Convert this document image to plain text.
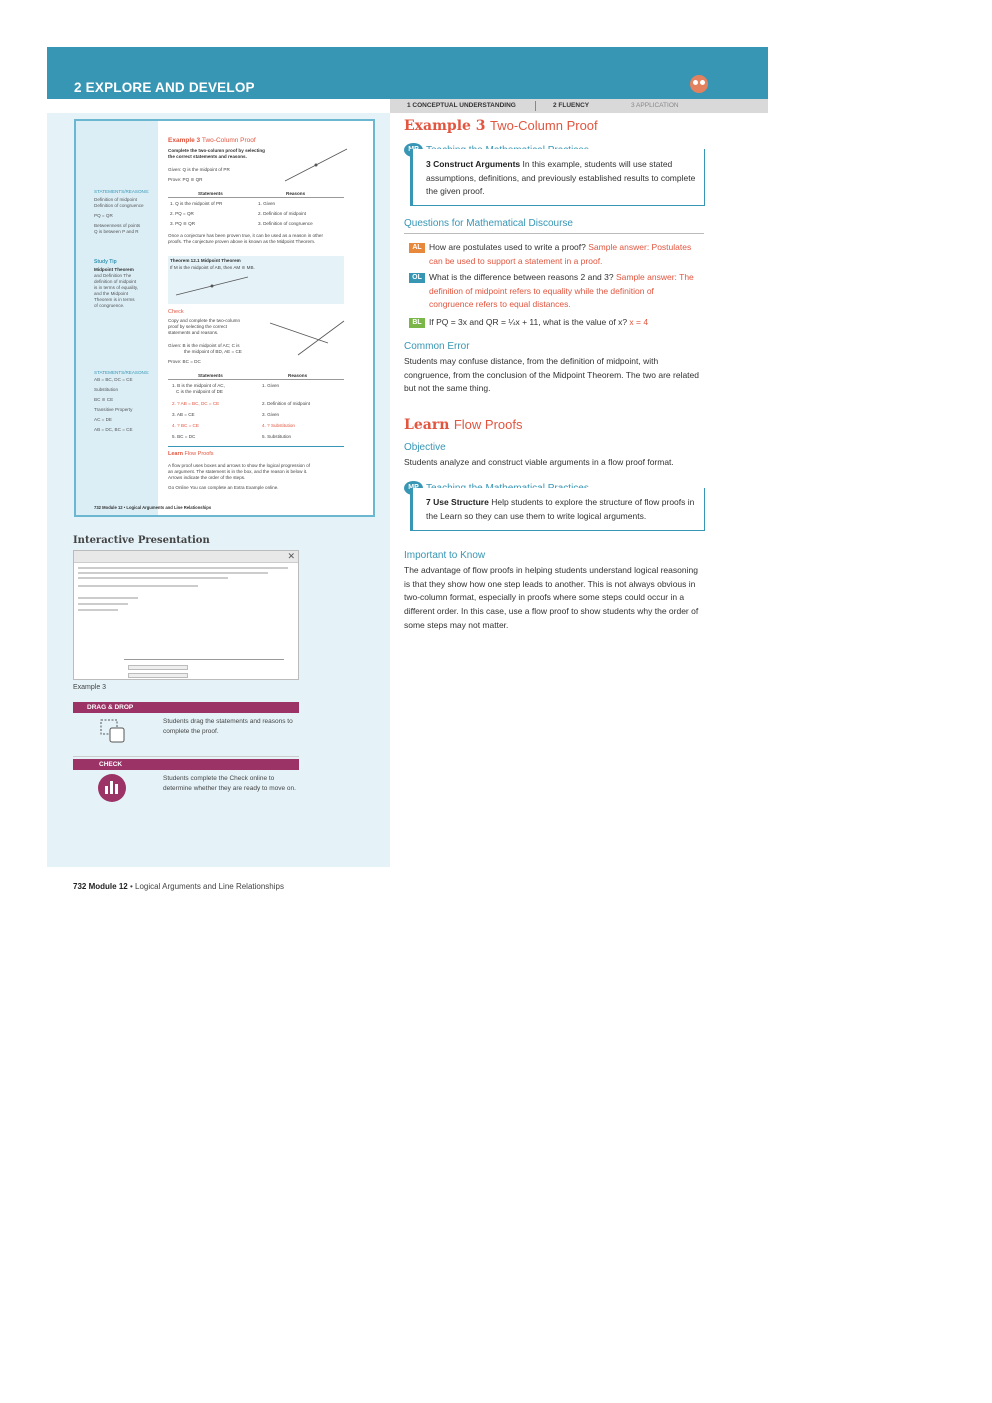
2 EXPLORE AND DEVELOP
1 CONCEPTUAL UNDERSTANDING	2 FLUENCY	3 APPLICATION
STATEMENTS/REASONS:
Definition of midpoint
Definition of congruence
PQ = QR
Betweenness of points
Q is between P and R
Study Tip
Midpoint Theorem
and Definition The
definition of midpoint
is in terms of equality,
and the Midpoint
Theorem is in terms
of congruence.
STATEMENTS/REASONS:
AB = BC, DC = CE
Substitution
BC ≅ CE
Transitive Property
AC = DE
AB = DC, BC = CE
Example 3 Two-Column Proof
Complete the two-column proof by selecting
the correct statements and reasons.
Given: Q is the midpoint of PR
Prove: PQ ≅ QR
Statements	Reasons
1. Q is the midpoint of PR	1. Given
2. PQ = QR	2. Definition of midpoint
3. PQ ≅ QR	3. Definition of congruence
Once a conjecture has been proven true, it can be used as a reason in other
proofs. The conjecture proven above is known as the Midpoint Theorem.
Theorem 12.1 Midpoint Theorem
If M is the midpoint of AB, then AM ≅ MB.
Check
Copy and complete the two-column
proof by selecting the correct
statements and reasons.
Given: B is the midpoint of AC; C is
the midpoint of BD, AE = CE
Prove: BC = DC
Statements	Reasons
1. B is the midpoint of AC,	1. Given
C is the midpoint of DE
2. ? AB = BC, DC = CE	2. Definition of midpoint
3. AB = CE	3. Given
4. ? BC = CE	4. ? Substitution
5. BC = DC	5. Substitution
Learn Flow Proofs
A flow proof uses boxes and arrows to show the logical progression of
an argument. The statement is in the box, and the reason is below it.
Arrows indicate the order of the steps.
Go Online You can complete an Extra Example online.
732 Module 12 • Logical Arguments and Line Relationships
Interactive Presentation
✕
Example 3
DRAG & DROP
Students drag the statements and reasons to complete the proof.
CHECK
Students complete the Check online to determine whether they are ready to move on.
732 Module 12 • Logical Arguments and Line Relationships
Example 3 Two-Column Proof
3 Construct Arguments In this example, students will use stated assumptions, definitions, and previously established results to complete the given proof.
Questions for Mathematical Discourse
AL How are postulates used to write a proof? Sample answer: Postulates can be used to support a statement in a proof.
OL What is the difference between reasons 2 and 3? Sample answer: The definition of midpoint refers to equality while the definition of congruence refers to equal distances.
BL If PQ = 3x and QR = ¼x + 11, what is the value of x? x = 4
Common Error
Students may confuse distance, from the definition of midpoint, with congruence, from the conclusion of the Midpoint Theorem. The two are related but not the same thing.
Learn Flow Proofs
Objective
Students analyze and construct viable arguments in a flow proof format.
7 Use Structure Help students to explore the structure of flow proofs in the Learn so they can use them to write logical arguments.
Important to Know
The advantage of flow proofs in helping students understand logical reasoning is that they show how one step leads to another. This is not always obvious in two-column format, especially in proofs where some steps could occur in a different order. In this case, use a flow proof to show students why the order of some steps may not matter.
